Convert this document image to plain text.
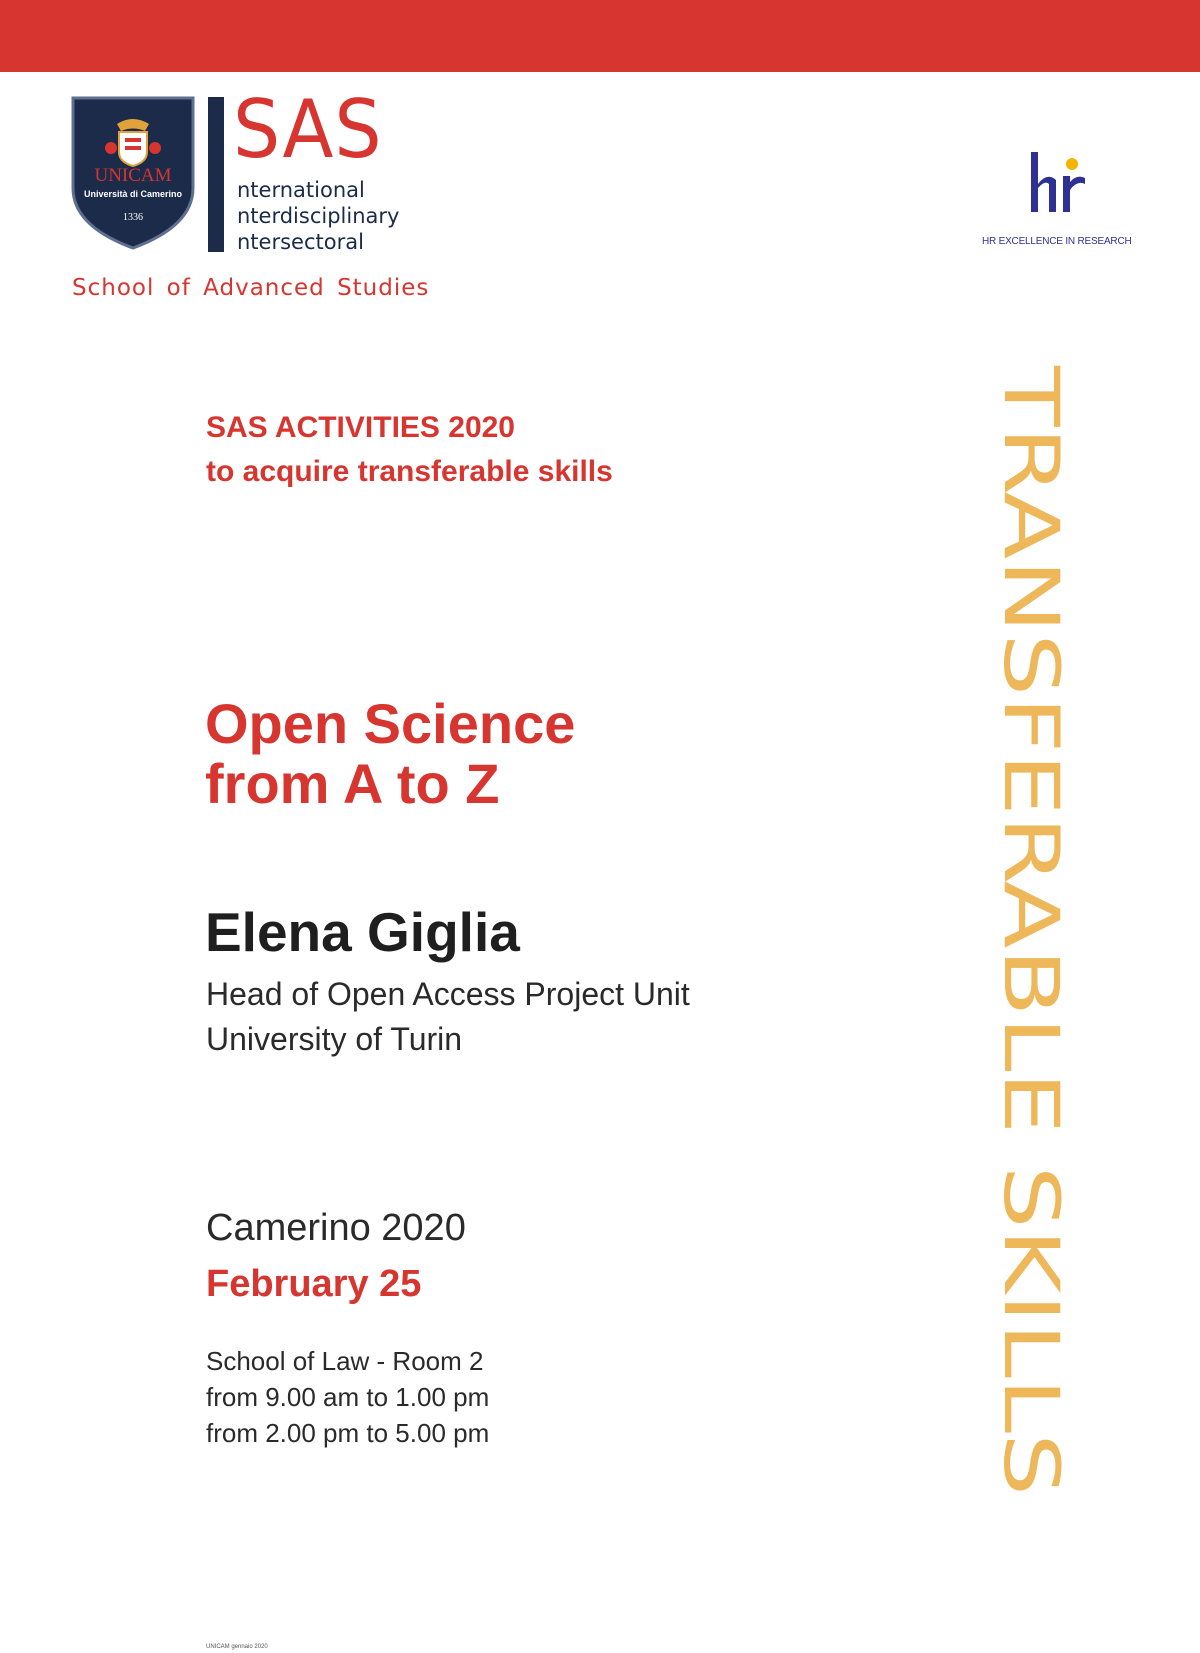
UNICAM
Università di Camerino
1336
SAS
nternational
nterdisciplinary
ntersectoral
School of Advanced Studies
HR EXCELLENCE IN RESEARCH
SAS ACTIVITIES 2020
to acquire transferable skills
Open Science
from A to Z
Elena Giglia
Head of Open Access Project Unit
University of Turin
Camerino 2020
February 25
School of Law - Room 2
from 9.00 am to 1.00 pm
from 2.00 pm to 5.00 pm
TRANSFERABLE SKILLS
UNICAM gennaio 2020
